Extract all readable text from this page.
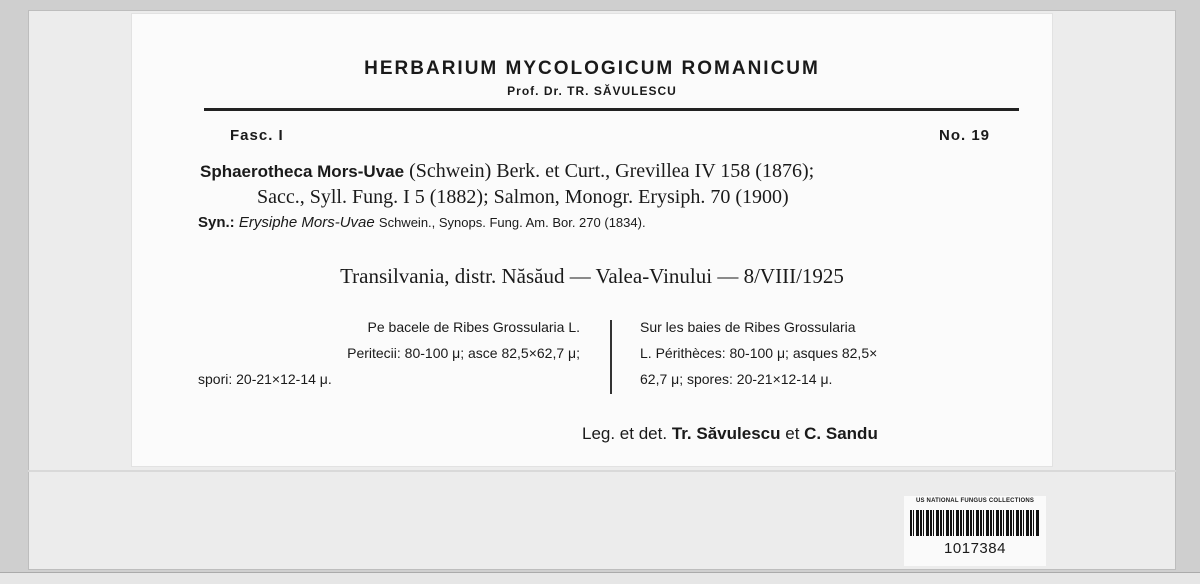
HERBARIUM MYCOLOGICUM ROMANICUM
Prof. Dr. TR. SĂVULESCU
Fasc. I	No. 19
Sphaerotheca Mors-Uvae (Schwein) Berk. et Curt., Grevillea IV 158 (1876);
Sacc., Syll. Fung. I 5 (1882); Salmon, Monogr. Erysiph. 70 (1900)
Syn.: Erysiphe Mors-Uvae Schwein., Synops. Fung. Am. Bor. 270 (1834).
Transilvania, distr. Năsăud — Valea-Vinului — 8/VIII/1925
Pe bacele de Ribes Grossularia L.
Peritecii: 80-100 μ; asce 82,5×62,7 μ;
spori: 20-21×12-14 μ.
Sur les baies de Ribes Grossularia
L. Périthèces: 80-100 μ; asques 82,5×
62,7 μ; spores: 20-21×12-14 μ.
Leg. et det. Tr. Săvulescu et C. Sandu
US NATIONAL FUNGUS COLLECTIONS
1017384
